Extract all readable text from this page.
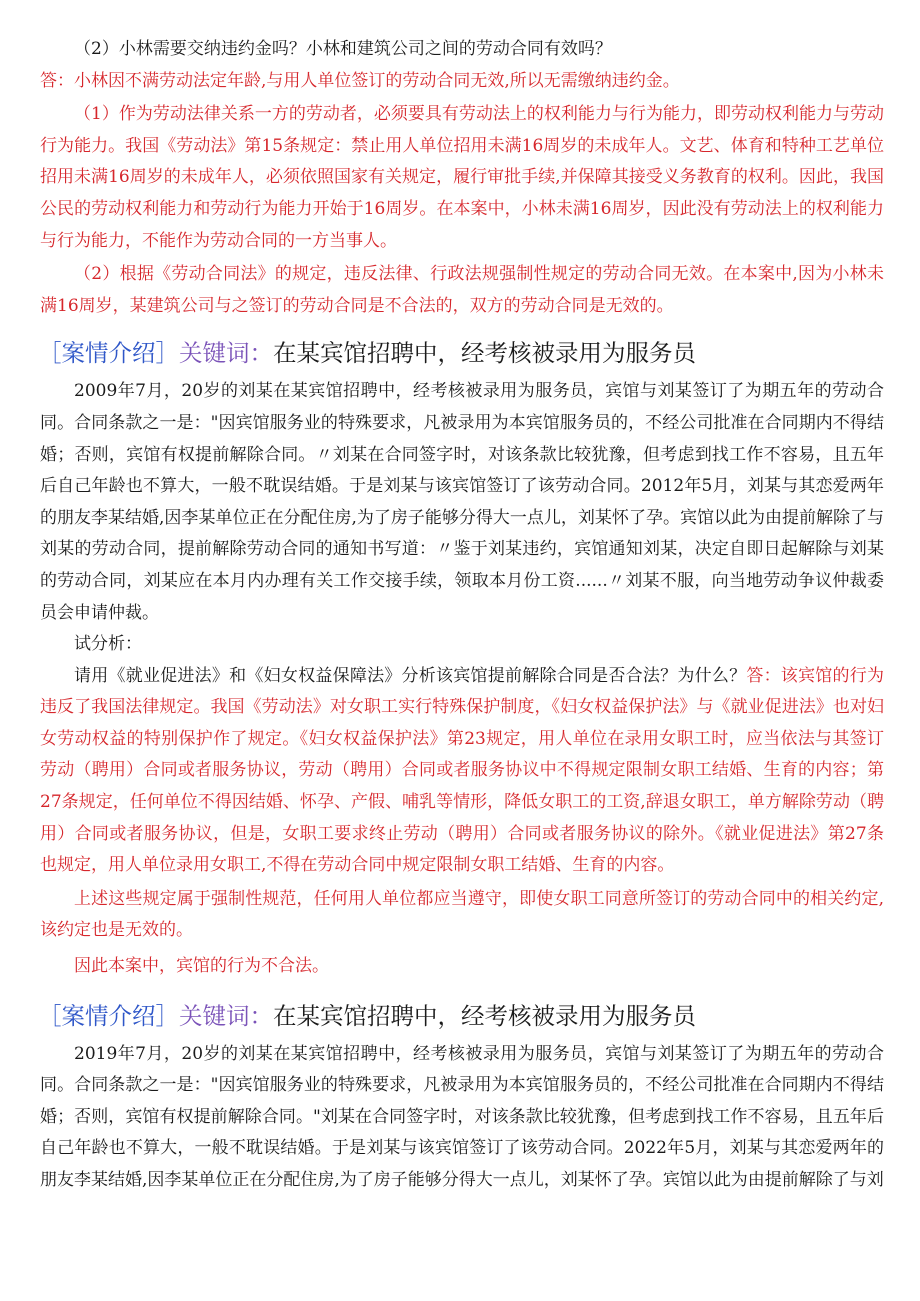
（2）小林需要交纳违约金吗？小林和建筑公司之间的劳动合同有效吗？

答：小林因不满劳动法定年龄,与用人单位签订的劳动合同无效,所以无需缴纳违约金。

（1）作为劳动法律关系一方的劳动者，必须要具有劳动法上的权利能力与行为能力，即劳动权利能力与劳动行为能力。我国《劳动法》第15条规定：禁止用人单位招用未满16周岁的未成年人。文艺、体育和特种工艺单位招用未满16周岁的未成年人，必须依照国家有关规定，履行审批手续,并保障其接受义务教育的权利。因此，我国公民的劳动权利能力和劳动行为能力开始于16周岁。在本案中，小林未满16周岁，因此没有劳动法上的权利能力与行为能力，不能作为劳动合同的一方当事人。

（2）根据《劳动合同法》的规定，违反法律、行政法规强制性规定的劳动合同无效。在本案中,因为小林未满16周岁，某建筑公司与之签订的劳动合同是不合法的，双方的劳动合同是无效的。

［案情介绍］关键词：在某宾馆招聘中，经考核被录用为服务员

2009年7月，20岁的刘某在某宾馆招聘中，经考核被录用为服务员，宾馆与刘某签订了为期五年的劳动合同。合同条款之一是："因宾馆服务业的特殊要求，凡被录用为本宾馆服务员的，不经公司批准在合同期内不得结婚；否则，宾馆有权提前解除合同。〃刘某在合同签字时，对该条款比较犹豫，但考虑到找工作不容易，且五年后自己年龄也不算大，一般不耽误结婚。于是刘某与该宾馆签订了该劳动合同。2012年5月，刘某与其恋爱两年的朋友李某结婚,因李某单位正在分配住房,为了房子能够分得大一点儿，刘某怀了孕。宾馆以此为由提前解除了与刘某的劳动合同，提前解除劳动合同的通知书写道：〃鉴于刘某违约，宾馆通知刘某，决定自即日起解除与刘某的劳动合同，刘某应在本月内办理有关工作交接手续，领取本月份工资......〃刘某不服，向当地劳动争议仲裁委员会申请仲裁。

试分析：

请用《就业促进法》和《妇女权益保障法》分析该宾馆提前解除合同是否合法？为什么？答：该宾馆的行为违反了我国法律规定。我国《劳动法》对女职工实行特殊保护制度，《妇女权益保护法》与《就业促进法》也对妇女劳动权益的特别保护作了规定。《妇女权益保护法》第23规定，用人单位在录用女职工时，应当依法与其签订劳动（聘用）合同或者服务协议，劳动（聘用）合同或者服务协议中不得规定限制女职工结婚、生育的内容；第27条规定，任何单位不得因结婚、怀孕、产假、哺乳等情形，降低女职工的工资,辞退女职工，单方解除劳动（聘用）合同或者服务协议，但是，女职工要求终止劳动（聘用）合同或者服务协议的除外。《就业促进法》第27条也规定，用人单位录用女职工,不得在劳动合同中规定限制女职工结婚、生育的内容。

上述这些规定属于强制性规范，任何用人单位都应当遵守，即使女职工同意所签订的劳动合同中的相关约定,该约定也是无效的。

因此本案中，宾馆的行为不合法。

［案情介绍］关键词：在某宾馆招聘中，经考核被录用为服务员

2019年7月，20岁的刘某在某宾馆招聘中，经考核被录用为服务员，宾馆与刘某签订了为期五年的劳动合同。合同条款之一是："因宾馆服务业的特殊要求，凡被录用为本宾馆服务员的，不经公司批准在合同期内不得结婚；否则，宾馆有权提前解除合同。"刘某在合同签字时，对该条款比较犹豫，但考虑到找工作不容易，且五年后自己年龄也不算大，一般不耽误结婚。于是刘某与该宾馆签订了该劳动合同。2022年5月，刘某与其恋爱两年的朋友李某结婚,因李某单位正在分配住房,为了房子能够分得大一点儿，刘某怀了孕。宾馆以此为由提前解除了与刘
